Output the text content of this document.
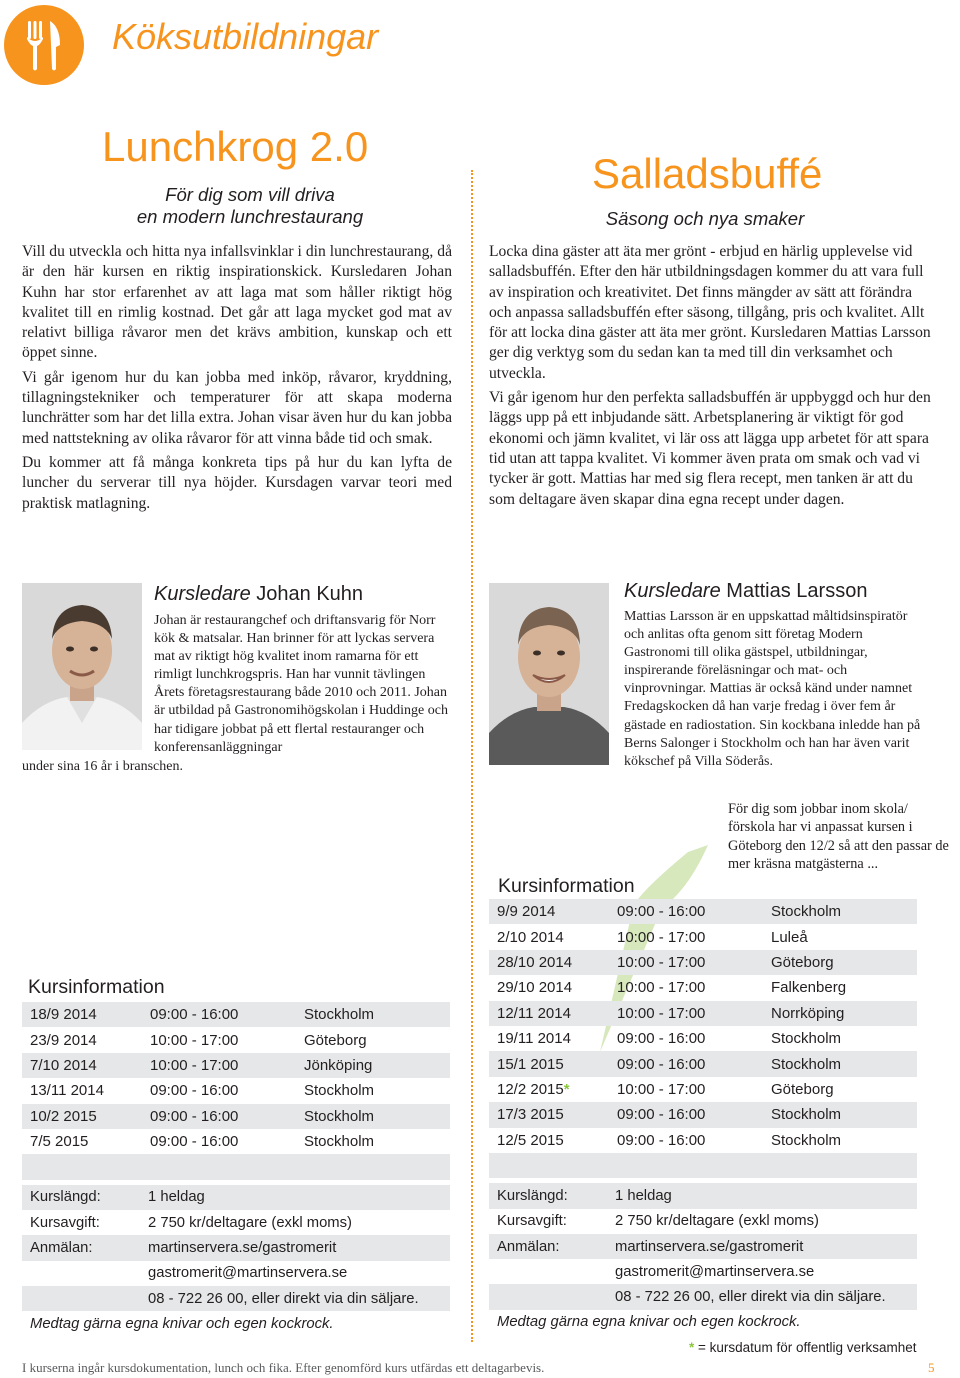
Köksutbildningar
Lunchkrog 2.0
För dig som vill driva
en modern lunchrestaurang

Vill du utveckla och hitta nya infallsvinklar i din lunchrestaurang, då är den här kursen en riktig inspirationskick. Kursledaren Johan Kuhn har stor erfarenhet av att laga mat som håller riktigt hög kvalitet till en rimlig kostnad. Det går att laga mycket god mat av relativt billiga råvaror men det krävs ambition, kunskap och ett öppet sinne.

Vi går igenom hur du kan jobba med inköp, råvaror, kryddning, tillagningstekniker och temperaturer för att skapa moderna lunchrätter som har det lilla extra. Johan visar även hur du kan jobba med nattstekning av olika råvaror för att vinna både tid och smak.

Du kommer att få många konkreta tips på hur du kan lyfta de luncher du serverar till nya höjder. Kursdagen varvar teori med praktisk matlagning.

Kursledare Johan Kuhn
Johan är restaurangchef och driftansvarig för Norr kök & matsalar. Han brinner för att lyckas servera mat av riktigt hög kvalitet inom ramarna för ett rimligt lunchkrogspris. Han har vunnit tävlingen Årets företagsrestaurang både 2010 och 2011. Johan är utbildad på Gastronomihögskolan i Huddinge och har tidigare jobbat på ett flertal restauranger och konferensanläggningar
under sina 16 år i branschen.
Kursinformation
18/9 2014	09:00 - 16:00	Stockholm
23/9 2014	10:00 - 17:00	Göteborg
7/10 2014	10:00 - 17:00	Jönköping
13/11 2014	09:00 - 16:00	Stockholm
10/2 2015	09:00 - 16:00	Stockholm
7/5 2015	09:00 - 16:00	Stockholm

Kurslängd:	1 heldag
Kursavgift:	2 750 kr/deltagare (exkl moms)
Anmälan:	martinservera.se/gastromerit
gastromerit@martinservera.se
08 - 722 26 00, eller direkt via din säljare.
Medtag gärna egna knivar och egen kockrock.
Salladsbuffé
Säsong och nya smaker

Locka dina gäster att äta mer grönt - erbjud en härlig upplevelse vid salladsbuffén. Efter den här utbildningsdagen kommer du att vara full av inspiration och kreativitet. Det finns mängder av sätt att förändra och anpassa salladsbuffén efter säsong, tillgång, pris och kvalitet. Allt för att locka dina gäster att äta mer grönt. Kursledaren Mattias Larsson ger dig verktyg som du sedan kan ta med till din verksamhet och utveckla.

Vi går igenom hur den perfekta salladsbuffén är uppbyggd och hur den läggs upp på ett inbjudande sätt. Arbetsplanering är viktigt för god ekonomi och jämn kvalitet, vi lär oss att lägga upp arbetet för att spara tid utan att tappa kvalitet. Vi kommer även prata om smak och vad vi tycker är gott. Mattias har med sig flera recept, men tanken är att du som deltagare även skapar dina egna recept under dagen.

Kursledare Mattias Larsson
Mattias Larsson är en uppskattad måltidsinspiratör och anlitas ofta genom sitt företag Modern Gastronomi till olika gästspel, utbildningar, inspirerande föreläsningar och mat- och vinprovningar. Mattias är också känd under namnet Fredagskocken då han varje fredag i över fem år gästade en radiostation. Sin kockbana inledde han på Berns Salonger i Stockholm och han har även varit kökschef på Villa Söderås.
För dig som jobbar inom skola/ förskola har vi anpassat kursen i Göteborg den 12/2 så att den passar de mer kräsna matgästerna ...
Kursinformation
9/9 2014	09:00 - 16:00	Stockholm
2/10 2014	10:00 - 17:00	Luleå
28/10 2014	10:00 - 17:00	Göteborg
29/10 2014	10:00 - 17:00	Falkenberg
12/11 2014	10:00 - 17:00	Norrköping
19/11 2014	09:00 - 16:00	Stockholm
15/1 2015	09:00 - 16:00	Stockholm
12/2 2015*	10:00 - 17:00	Göteborg
17/3 2015	09:00 - 16:00	Stockholm
12/5 2015	09:00 - 16:00	Stockholm

Kurslängd:	1 heldag
Kursavgift:	2 750 kr/deltagare (exkl moms)
Anmälan:	martinservera.se/gastromerit
gastromerit@martinservera.se
08 - 722 26 00, eller direkt via din säljare.
Medtag gärna egna knivar och egen kockrock.
* = kursdatum för offentlig verksamhet
I kurserna ingår kursdokumentation, lunch och fika. Efter genomförd kurs utfärdas ett deltagarbevis.	5
